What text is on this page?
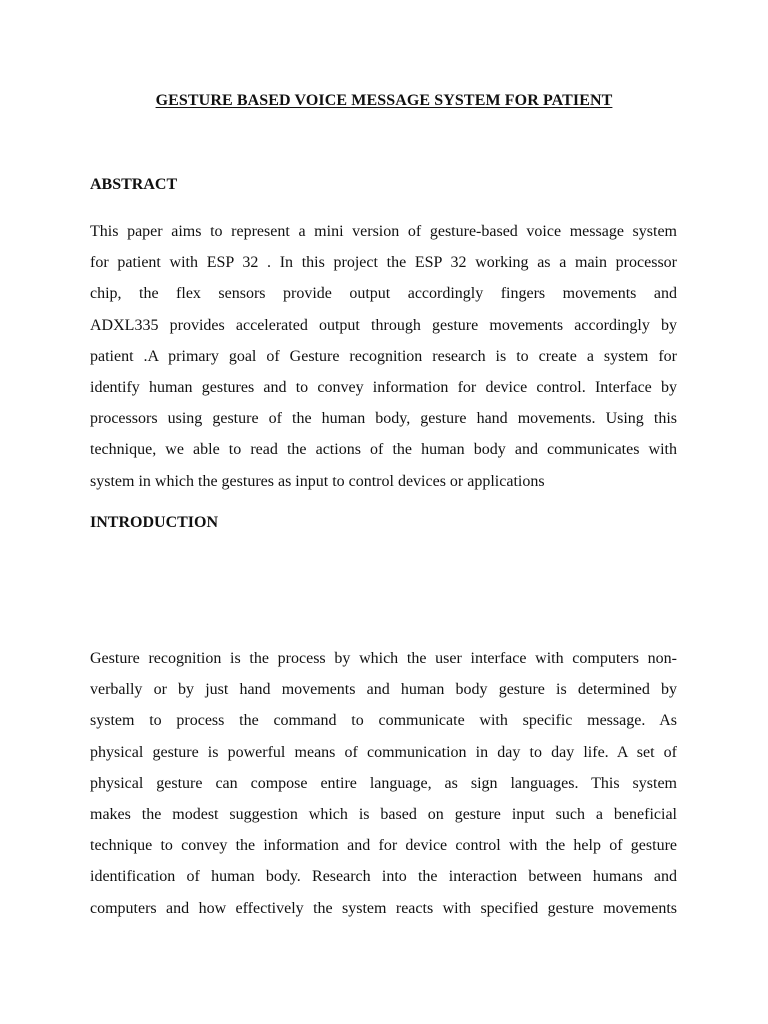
GESTURE BASED VOICE MESSAGE SYSTEM FOR PATIENT
ABSTRACT
This paper aims to represent a mini version of gesture-based voice message system
for patient with ESP 32 . In this project the ESP 32 working as a main processor
chip, the flex sensors provide output accordingly fingers movements and
ADXL335 provides accelerated output through gesture movements accordingly by
patient .A primary goal of Gesture recognition research is to create a system for
identify human gestures and to convey information for device control. Interface by
processors using gesture of the human body, gesture hand movements. Using this
technique, we able to read the actions of the human body and communicates with
system in which the gestures as input to control devices or applications
INTRODUCTION
Gesture recognition is the process by which the user interface with computers non-
verbally or by just hand movements and human body gesture is determined by
system to process the command to communicate with specific message. As
physical gesture is powerful means of communication in day to day life. A set of
physical gesture can compose entire language, as sign languages. This system
makes the modest suggestion which is based on gesture input such a beneficial
technique to convey the information and for device control with the help of gesture
identification of human body. Research into the interaction between humans and
computers and how effectively the system reacts with specified gesture movements
